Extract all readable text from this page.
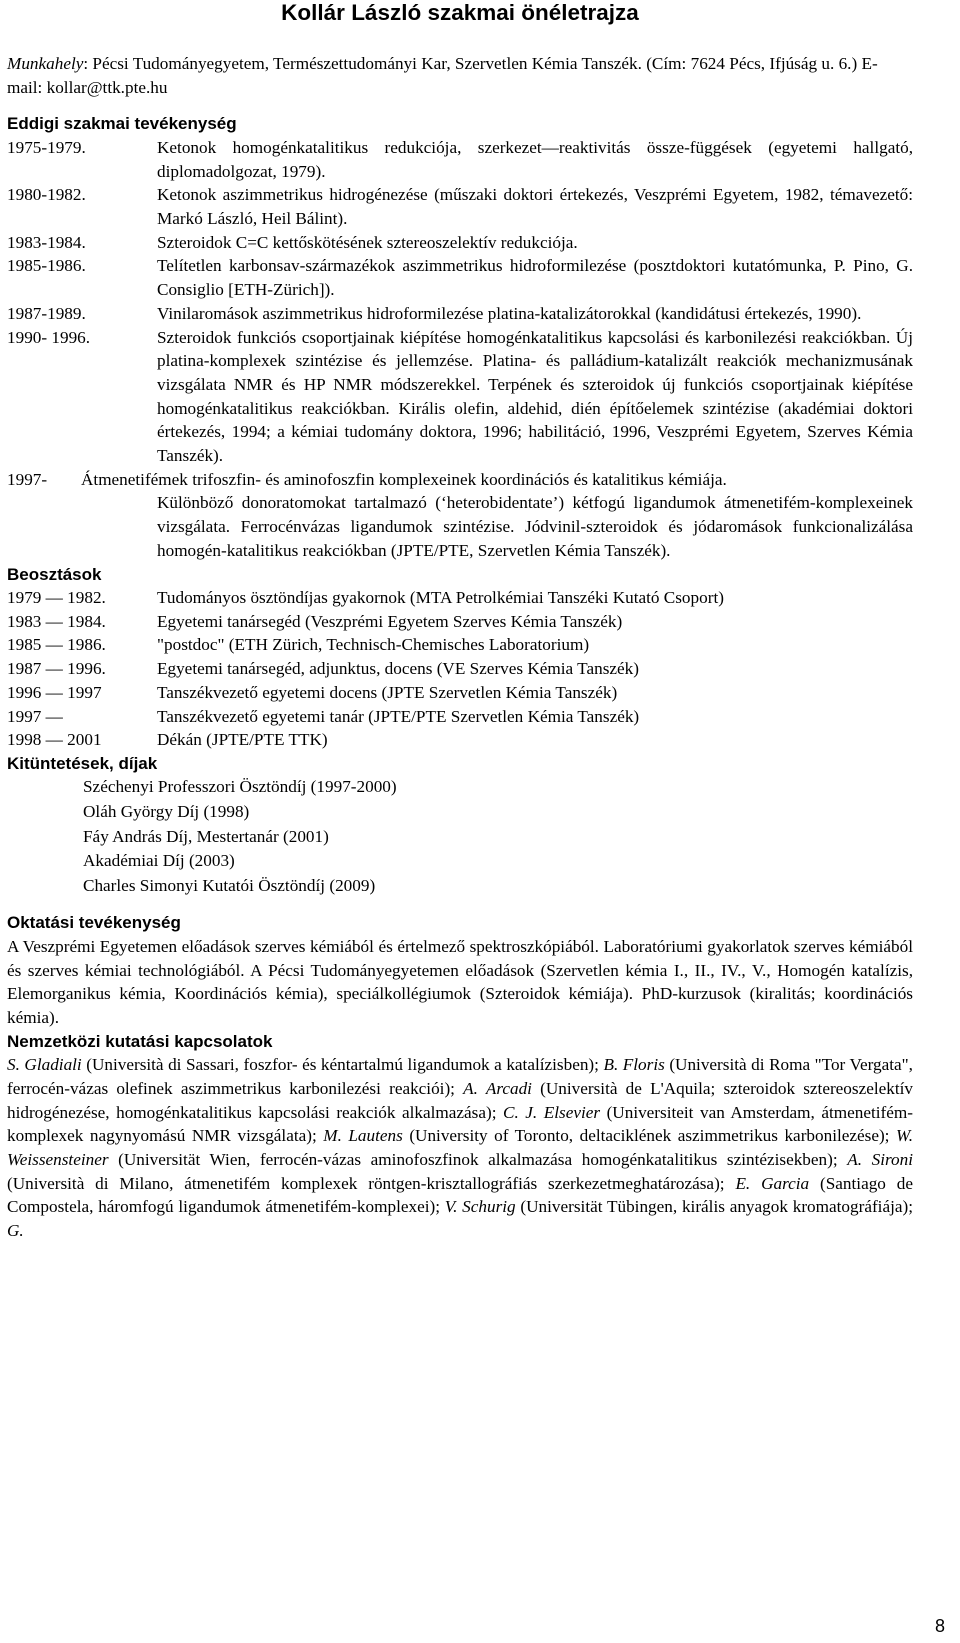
Kollár László szakmai önéletrajza
Munkahely: Pécsi Tudományegyetem, Természettudományi Kar, Szervetlen Kémia Tanszék. (Cím: 7624 Pécs, Ifjúság u. 6.) E-mail: kollar@ttk.pte.hu
Eddigi szakmai tevékenység
1975-1979.	Ketonok homogénkatalitikus redukciója, szerkezet—reaktivitás össze-függések (egyetemi hallgató, diplomadolgozat, 1979).
1980-1982.	Ketonok aszimmetrikus hidrogénezése (műszaki doktori értekezés, Veszprémi Egyetem, 1982, témavezető: Markó László, Heil Bálint).
1983-1984.	Szteroidok C=C kettőskötésének sztereoszelektív redukciója.
1985-1986.	Telítetlen karbonsav-származékok aszimmetrikus hidroformilezése (posztdoktori kutatómunka, P. Pino, G. Consiglio [ETH-Zürich]).
1987-1989.	Vinilaromások aszimmetrikus hidroformilezése platina-katalizátorokkal (kandidátusi értekezés, 1990).
1990- 1996.	Szteroidok funkciós csoportjainak kiépítése homogénkatalitikus kapcsolási és karbonilezési reakciókban. Új platina-komplexek szintézise és jellemzése. Platina- és palládium-katalizált reakciók mechanizmusának vizsgálata NMR és HP NMR módszerekkel. Terpének és szteroidok új funkciós csoportjainak kiépítése homogénkatalitikus reakciókban. Királis olefin, aldehid, dién építőelemek szintézise (akadémiai doktori értekezés, 1994; a kémiai tudomány doktora, 1996; habilitáció, 1996, Veszprémi Egyetem, Szerves Kémia Tanszék).
1997-	Átmenetifémek trifoszfin- és aminofoszfin komplexeinek koordinációs és katalitikus kémiája.
Különböző donoratomokat tartalmazó (‘heterobidentate’) kétfogú ligandumok átmenetifém-komplexeinek vizsgálata. Ferrocénvázas ligandumok szintézise. Jódvinil-szteroidok és jódaromások funkcionalizálása homogén-katalitikus reakciókban (JPTE/PTE, Szervetlen Kémia Tanszék).
Beosztások
1979 — 1982.	Tudományos ösztöndíjas gyakornok (MTA Petrolkémiai Tanszéki Kutató Csoport)
1983 — 1984.	Egyetemi tanársegéd (Veszprémi Egyetem Szerves Kémia Tanszék)
1985 — 1986.	"postdoc" (ETH Zürich, Technisch-Chemisches Laboratorium)
1987 — 1996.	Egyetemi tanársegéd, adjunktus, docens (VE Szerves Kémia Tanszék)
1996 — 1997	Tanszékvezető egyetemi docens (JPTE Szervetlen Kémia Tanszék)
1997 —	Tanszékvezető egyetemi tanár (JPTE/PTE Szervetlen Kémia Tanszék)
1998 — 2001	Dékán (JPTE/PTE TTK)
Kitüntetések, díjak
Széchenyi Professzori Ösztöndíj (1997-2000)
Oláh György Díj (1998)
Fáy András Díj, Mestertanár (2001)
Akadémiai Díj (2003)
Charles Simonyi Kutatói Ösztöndíj (2009)
Oktatási tevékenység
A Veszprémi Egyetemen előadások szerves kémiából és értelmező spektroszkópiából. Laboratóriumi gyakorlatok szerves kémiából és szerves kémiai technológiából. A Pécsi Tudományegyetemen előadások (Szervetlen kémia I., II., IV., V., Homogén katalízis, Elemorganikus kémia, Koordinációs kémia), speciálkollégiumok (Szteroidok kémiája). PhD-kurzusok (kiralitás; koordinációs kémia).
Nemzetközi kutatási kapcsolatok
S. Gladiali (Università di Sassari, foszfor- és kéntartalmú ligandumok a katalízisben); B. Floris (Università di Roma "Tor Vergata", ferrocén-vázas olefinek aszimmetrikus karbonilezési reakciói); A. Arcadi (Università de L'Aquila; szteroidok sztereoszelektív hidrogénezése, homogénkatalitikus kapcsolási reakciók alkalmazása); C. J. Elsevier (Universiteit van Amsterdam, átmenetifém-komplexek nagynyomású NMR vizsgálata); M. Lautens (University of Toronto, deltaciklének aszimmetrikus karbonilezése); W. Weissensteiner (Universität Wien, ferrocén-vázas aminofoszfinok alkalmazása homogénkatalitikus szintézisekben); A. Sironi (Università di Milano, átmenetifém komplexek röntgen-krisztallográfiás szerkezetmeghatározása); E. Garcia (Santiago de Compostela, háromfogú ligandumok átmenetifém-komplexei); V. Schurig (Universität Tübingen, királis anyagok kromatográfiája); G.
8
